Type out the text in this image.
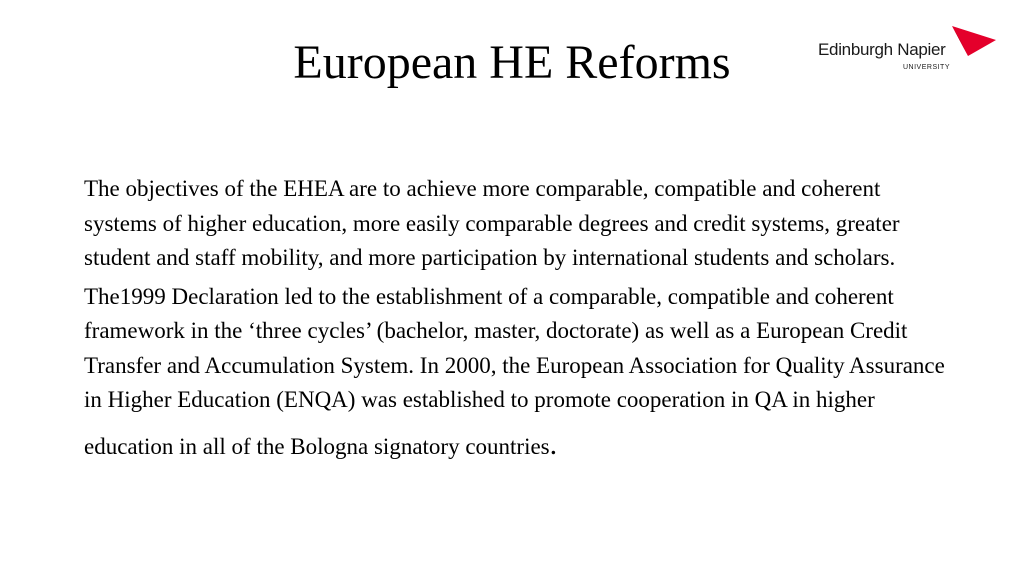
European HE Reforms	Edinburgh Napier
UNIVERSITY

The objectives of the EHEA are to achieve more comparable, compatible and coherent systems of higher education, more easily comparable degrees and credit systems, greater student and staff mobility, and more participation by international students and scholars.

The1999 Declaration led to the establishment of a comparable, compatible and coherent framework in the ‘three cycles’ (bachelor, master, doctorate) as well as a European Credit Transfer and Accumulation System. In 2000, the European Association for Quality Assurance in Higher Education (ENQA) was established to promote cooperation in QA in higher
education in all of the Bologna signatory countries.
